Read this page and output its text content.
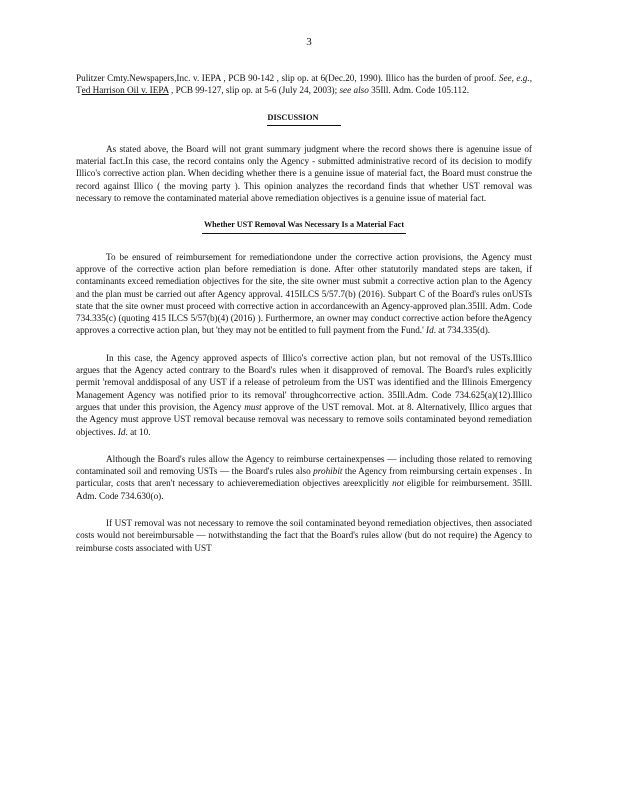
3

Pulitzer Cmty.Newspapers,Inc. v. IEPA , PCB 90-142 , slip op. at 6(Dec.20, 1990). Illico has the burden of proof. See, e.g., Ted Harrison Oil v. IEPA , PCB 99-127, slip op. at 5-6 (July 24, 2003); see also 35Ill. Adm. Code 105.112.

DISCUSSION

As stated above, the Board will not grant summary judgment where the record shows there is agenuine issue of material fact.In this case, the record contains only the Agency - submitted administrative record of its decision to modify Illico's corrective action plan. When deciding whether there is a genuine issue of material fact, the Board must construe the record against Illico ( the moving party ). This opinion analyzes the recordand finds that whether UST removal was necessary to remove the contaminated material above remediation objectives is a genuine issue of material fact.

Whether UST Removal Was Necessary Is a Material Fact

To be ensured of reimbursement for remediationdone under the corrective action provisions, the Agency must approve of the corrective action plan before remediation is done. After other statutorily mandated steps are taken, if contaminants exceed remediation objectives for the site, the site owner must submit a corrective action plan to the Agency and the plan must be carried out after Agency approval. 415ILCS 5/57.7(b) (2016). Subpart C of the Board's rules onUSTs state that the site owner must proceed with corrective action in accordancewith an Agency-approved plan.35Ill. Adm. Code 734.335(c) (quoting 415 ILCS 5/57(b)(4) (2016) ). Furthermore, an owner may conduct corrective action before theAgency approves a corrective action plan, but 'they may not be entitled to full payment from the Fund.' Id. at 734.335(d).

In this case, the Agency approved aspects of Illico's corrective action plan, but not removal of the USTs.Illico argues that the Agency acted contrary to the Board's rules when it disapproved of removal. The Board's rules explicitly permit 'removal anddisposal of any UST if a release of petroleum from the UST was identified and the Illinois Emergency Management Agency was notified prior to its removal' throughcorrective action. 35Ill.Adm. Code 734.625(a)(12).Illico argues that under this provision, the Agency must approve of the UST removal. Mot. at 8. Alternatively, Illico argues that the Agency must approve UST removal because removal was necessary to remove soils contaminated beyond remediation objectives. Id. at 10.

Although the Board's rules allow the Agency to reimburse certainexpenses — including those related to removing contaminated soil and removing USTs — the Board's rules also prohibit the Agency from reimbursing certain expenses . In particular, costs that aren't necessary to achieveremediation objectives areexplicitly not eligible for reimbursement. 35Ill. Adm. Code 734.630(o).

If UST removal was not necessary to remove the soil contaminated beyond remediation objectives, then associated costs would not bereimbursable — notwithstanding the fact that the Board's rules allow (but do not require) the Agency to reimburse costs associated with UST
